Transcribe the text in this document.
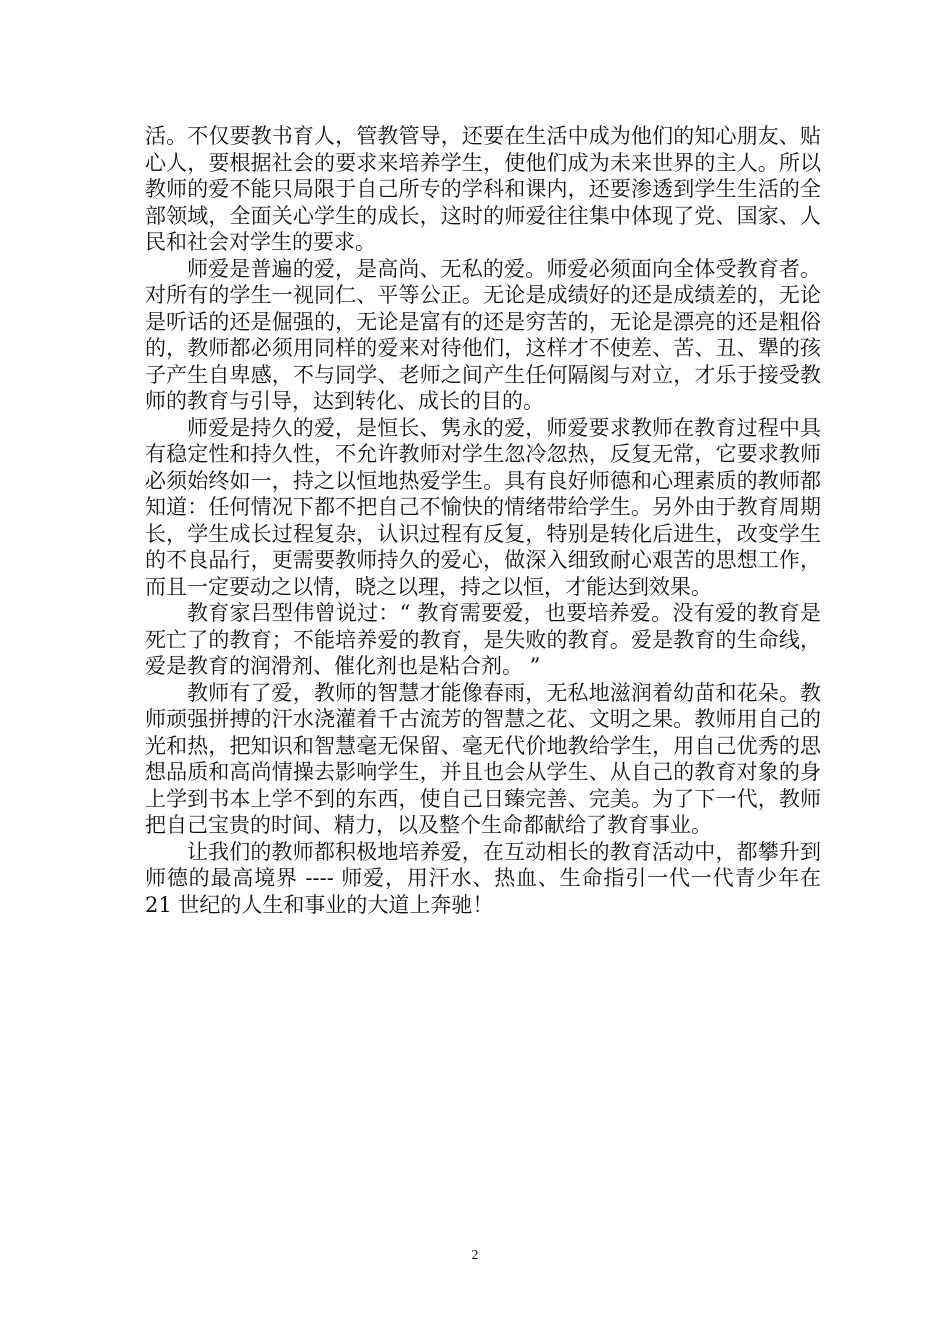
活。不仅要教书育人，管教管导，还要在生活中成为他们的知心朋友、贴心人，要根据社会的要求来培养学生，使他们成为未来世界的主人。所以教师的爱不能只局限于自己所专的学科和课内，还要渗透到学生生活的全部领域，全面关心学生的成长，这时的师爱往往集中体现了党、国家、人民和社会对学生的要求。

师爱是普遍的爱，是高尚、无私的爱。师爱必须面向全体受教育者。对所有的学生一视同仁、平等公正。无论是成绩好的还是成绩差的，无论是听话的还是倔强的，无论是富有的还是穷苦的，无论是漂亮的还是粗俗的，教师都必须用同样的爱来对待他们，这样才不使差、苦、丑、犟的孩子产生自卑感，不与同学、老师之间产生任何隔阂与对立，才乐于接受教师的教育与引导，达到转化、成长的目的。

师爱是持久的爱，是恒长、隽永的爱，师爱要求教师在教育过程中具有稳定性和持久性，不允许教师对学生忽冷忽热，反复无常，它要求教师必须始终如一，持之以恒地热爱学生。具有良好师德和心理素质的教师都知道：任何情况下都不把自己不愉快的情绪带给学生。另外由于教育周期长，学生成长过程复杂，认识过程有反复，特别是转化后进生，改变学生的不良品行，更需要教师持久的爱心，做深入细致耐心艰苦的思想工作，而且一定要动之以情，晓之以理，持之以恒，才能达到效果。

教育家吕型伟曾说过：“ 教育需要爱，也要培养爱。没有爱的教育是死亡了的教育；不能培养爱的教育，是失败的教育。爱是教育的生命线，爱是教育的润滑剂、催化剂也是粘合剂。 ”

教师有了爱，教师的智慧才能像春雨，无私地滋润着幼苗和花朵。教师顽强拼搏的汗水浇灌着千古流芳的智慧之花、文明之果。教师用自己的光和热，把知识和智慧毫无保留、毫无代价地教给学生，用自己优秀的思想品质和高尚情操去影响学生，并且也会从学生、从自己的教育对象的身上学到书本上学不到的东西，使自己日臻完善、完美。为了下一代，教师把自己宝贵的时间、精力，以及整个生命都献给了教育事业。

让我们的教师都积极地培养爱，在互动相长的教育活动中，都攀升到师德的最高境界 ---- 师爱，用汗水、热血、生命指引一代一代青少年在 21 世纪的人生和事业的大道上奔驰！

2
